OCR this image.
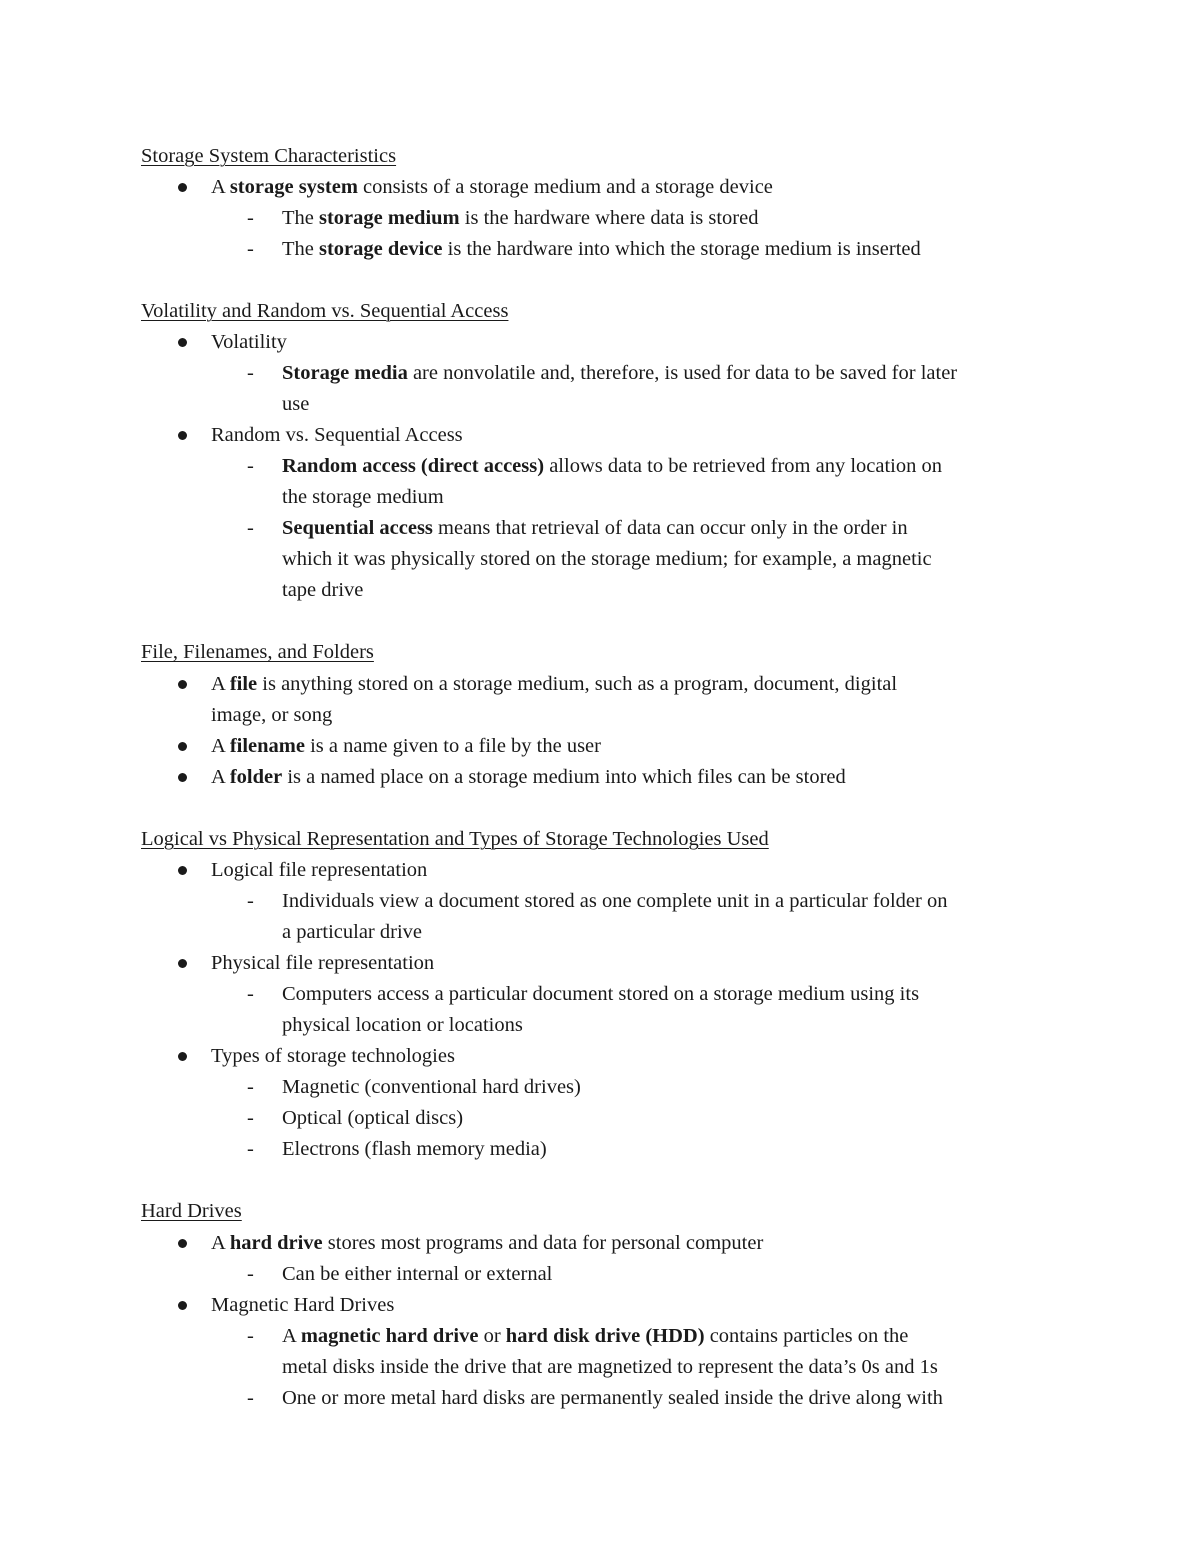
Storage System Characteristics
A storage system consists of a storage medium and a storage device
- The storage medium is the hardware where data is stored
- The storage device is the hardware into which the storage medium is inserted
Volatility and Random vs. Sequential Access
Volatility
- Storage media are nonvolatile and, therefore, is used for data to be saved for later
use
Random vs. Sequential Access
- Random access (direct access) allows data to be retrieved from any location on
the storage medium
- Sequential access means that retrieval of data can occur only in the order in
which it was physically stored on the storage medium; for example, a magnetic
tape drive
File, Filenames, and Folders
A file is anything stored on a storage medium, such as a program, document, digital
image, or song
A filename is a name given to a file by the user
A folder is a named place on a storage medium into which files can be stored
Logical vs Physical Representation and Types of Storage Technologies Used
Logical file representation
- Individuals view a document stored as one complete unit in a particular folder on
a particular drive
Physical file representation
- Computers access a particular document stored on a storage medium using its
physical location or locations
Types of storage technologies
- Magnetic (conventional hard drives)
- Optical (optical discs)
- Electrons (flash memory media)
Hard Drives
A hard drive stores most programs and data for personal computer
- Can be either internal or external
Magnetic Hard Drives
- A magnetic hard drive or hard disk drive (HDD) contains particles on the
metal disks inside the drive that are magnetized to represent the data’s 0s and 1s
- One or more metal hard disks are permanently sealed inside the drive along with
